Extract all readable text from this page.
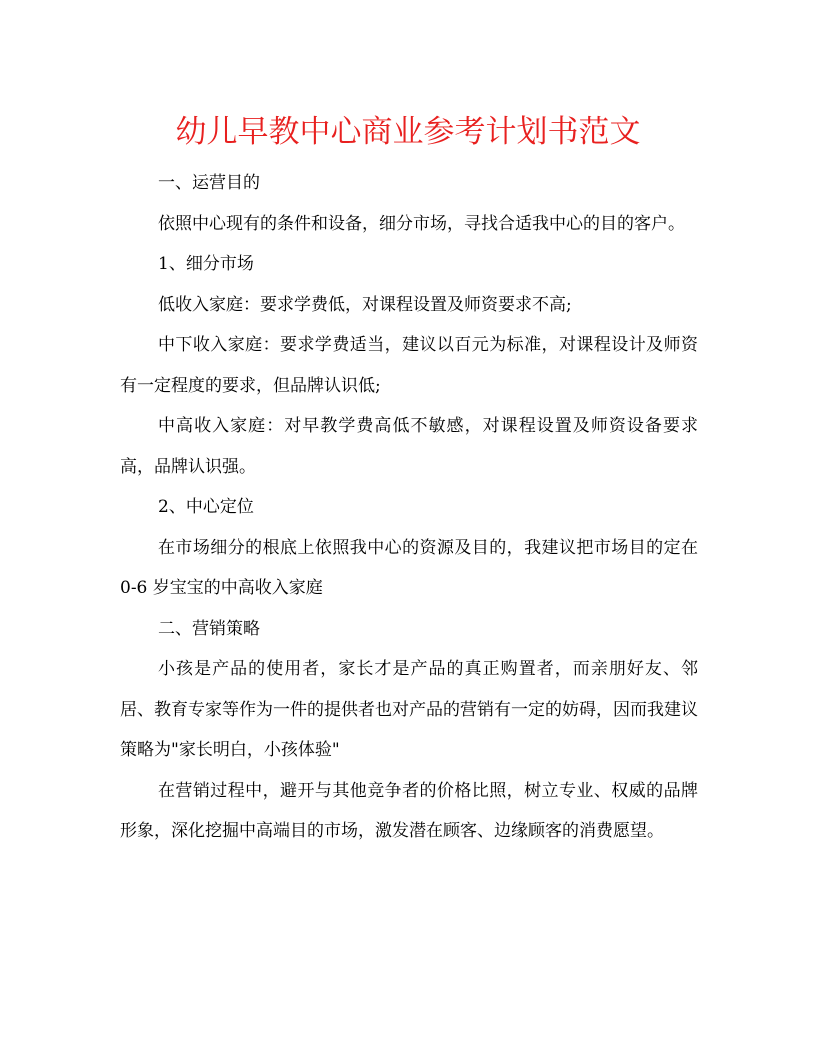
幼儿早教中心商业参考计划书范文

一、运营目的

依照中心现有的条件和设备，细分市场，寻找合适我中心的目的客户。

1、细分市场

低收入家庭：要求学费低，对课程设置及师资要求不高;

中下收入家庭：要求学费适当，建议以百元为标准，对课程设计及师资有一定程度的要求，但品牌认识低;

中高收入家庭：对早教学费高低不敏感，对课程设置及师资设备要求高，品牌认识强。

2、中心定位

在市场细分的根底上依照我中心的资源及目的，我建议把市场目的定在 0-6 岁宝宝的中高收入家庭

二、营销策略

小孩是产品的使用者，家长才是产品的真正购置者，而亲朋好友、邻居、教育专家等作为一件的提供者也对产品的营销有一定的妨碍，因而我建议策略为"家长明白，小孩体验"

在营销过程中，避开与其他竞争者的价格比照，树立专业、权威的品牌形象，深化挖掘中高端目的市场，激发潜在顾客、边缘顾客的消费愿望。
